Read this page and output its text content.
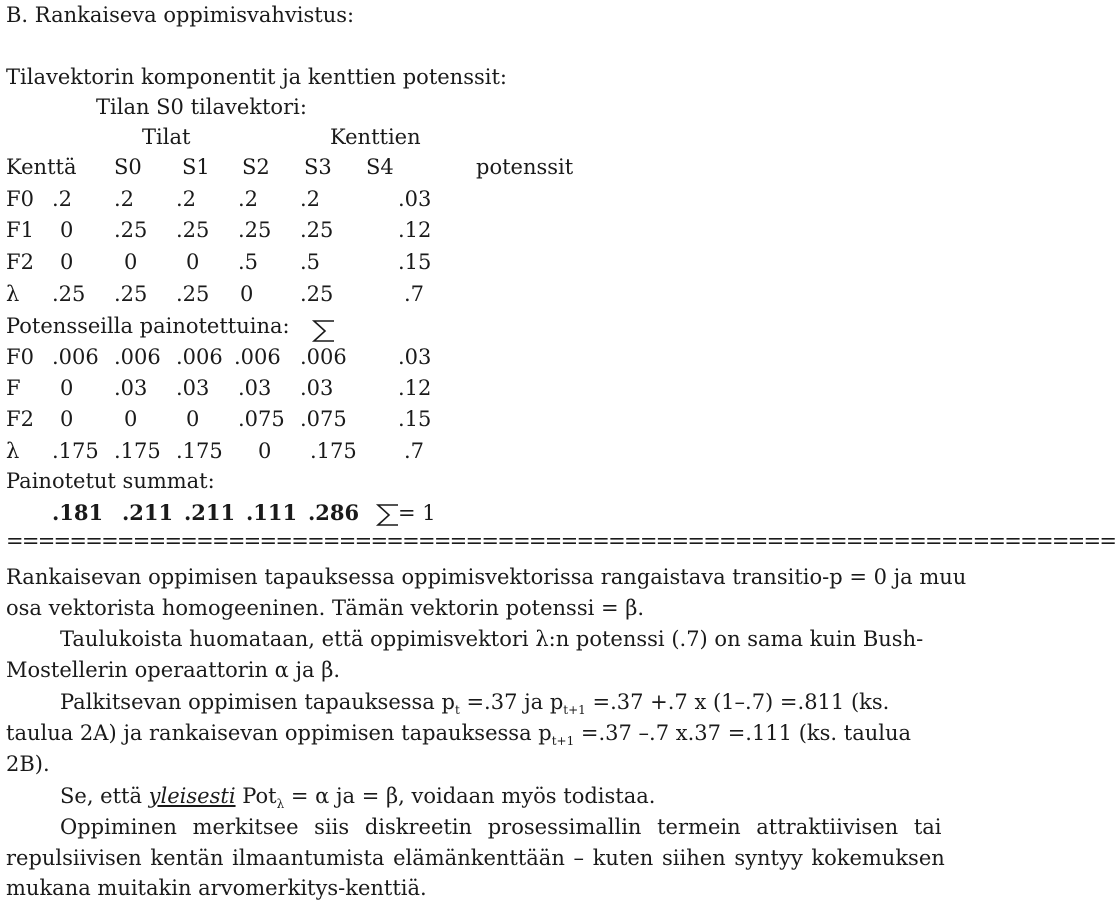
B. Rankaiseva oppimisvahvistus:
Tilavektorin komponentit ja kenttien potenssit:
Tilan S0 tilavektori:
Tilat	Kenttien
Kenttä S0 S1 S2 S3 S4	potenssit
F0 .2 .2 .2 .2 .2	.03
F1 0 .25 .25 .25 .25	.12
F2 0 0 0 .5 .5	.15
λ .25 .25 .25 0 .25	.7
Potensseilla painotettuina:
F0 .006 .006 .006 .006 .006 .03
F 0 .03 .03 .03 .03	.12
F2 0 0 0 .075 .075 .15
λ .175 .175 .175 0 .175 .7
Painotetut summat:
.181 .211 .211 .111 .286 = 1
======================================================================
Rankaisevan oppimisen tapauksessa oppimisvektorissa rangaistava transitio-p = 0 ja muu
osa vektorista homogeeninen. Tämän vektorin potenssi = β.
Taulukoista huomataan, että oppimisvektori λ:n potenssi (.7) on sama kuin Bush-
Mostellerin operaattorin α ja β.
Palkitsevan oppimisen tapauksessa $p_t =.37$ ja $p_{t+1} =.37 +.7$ x (1–.7) =.811 (ks.
taulua 2A) ja rankaisevan oppimisen tapauksessa $p_{t+1} =.37$ –.7 x.37 =.111 (ks. taulua
2B).
Se, että yleisesti Pot$_\lambda$ = α ja = β, voidaan myös todistaa.
Oppiminen merkitsee siis diskreetin prosessimallin termein attraktiivisen tai
repulsiivisen kentän ilmaantumista elämänkenttään – kuten siihen syntyy kokemuksen
mukana muitakin arvomerkitys-kenttiä.
